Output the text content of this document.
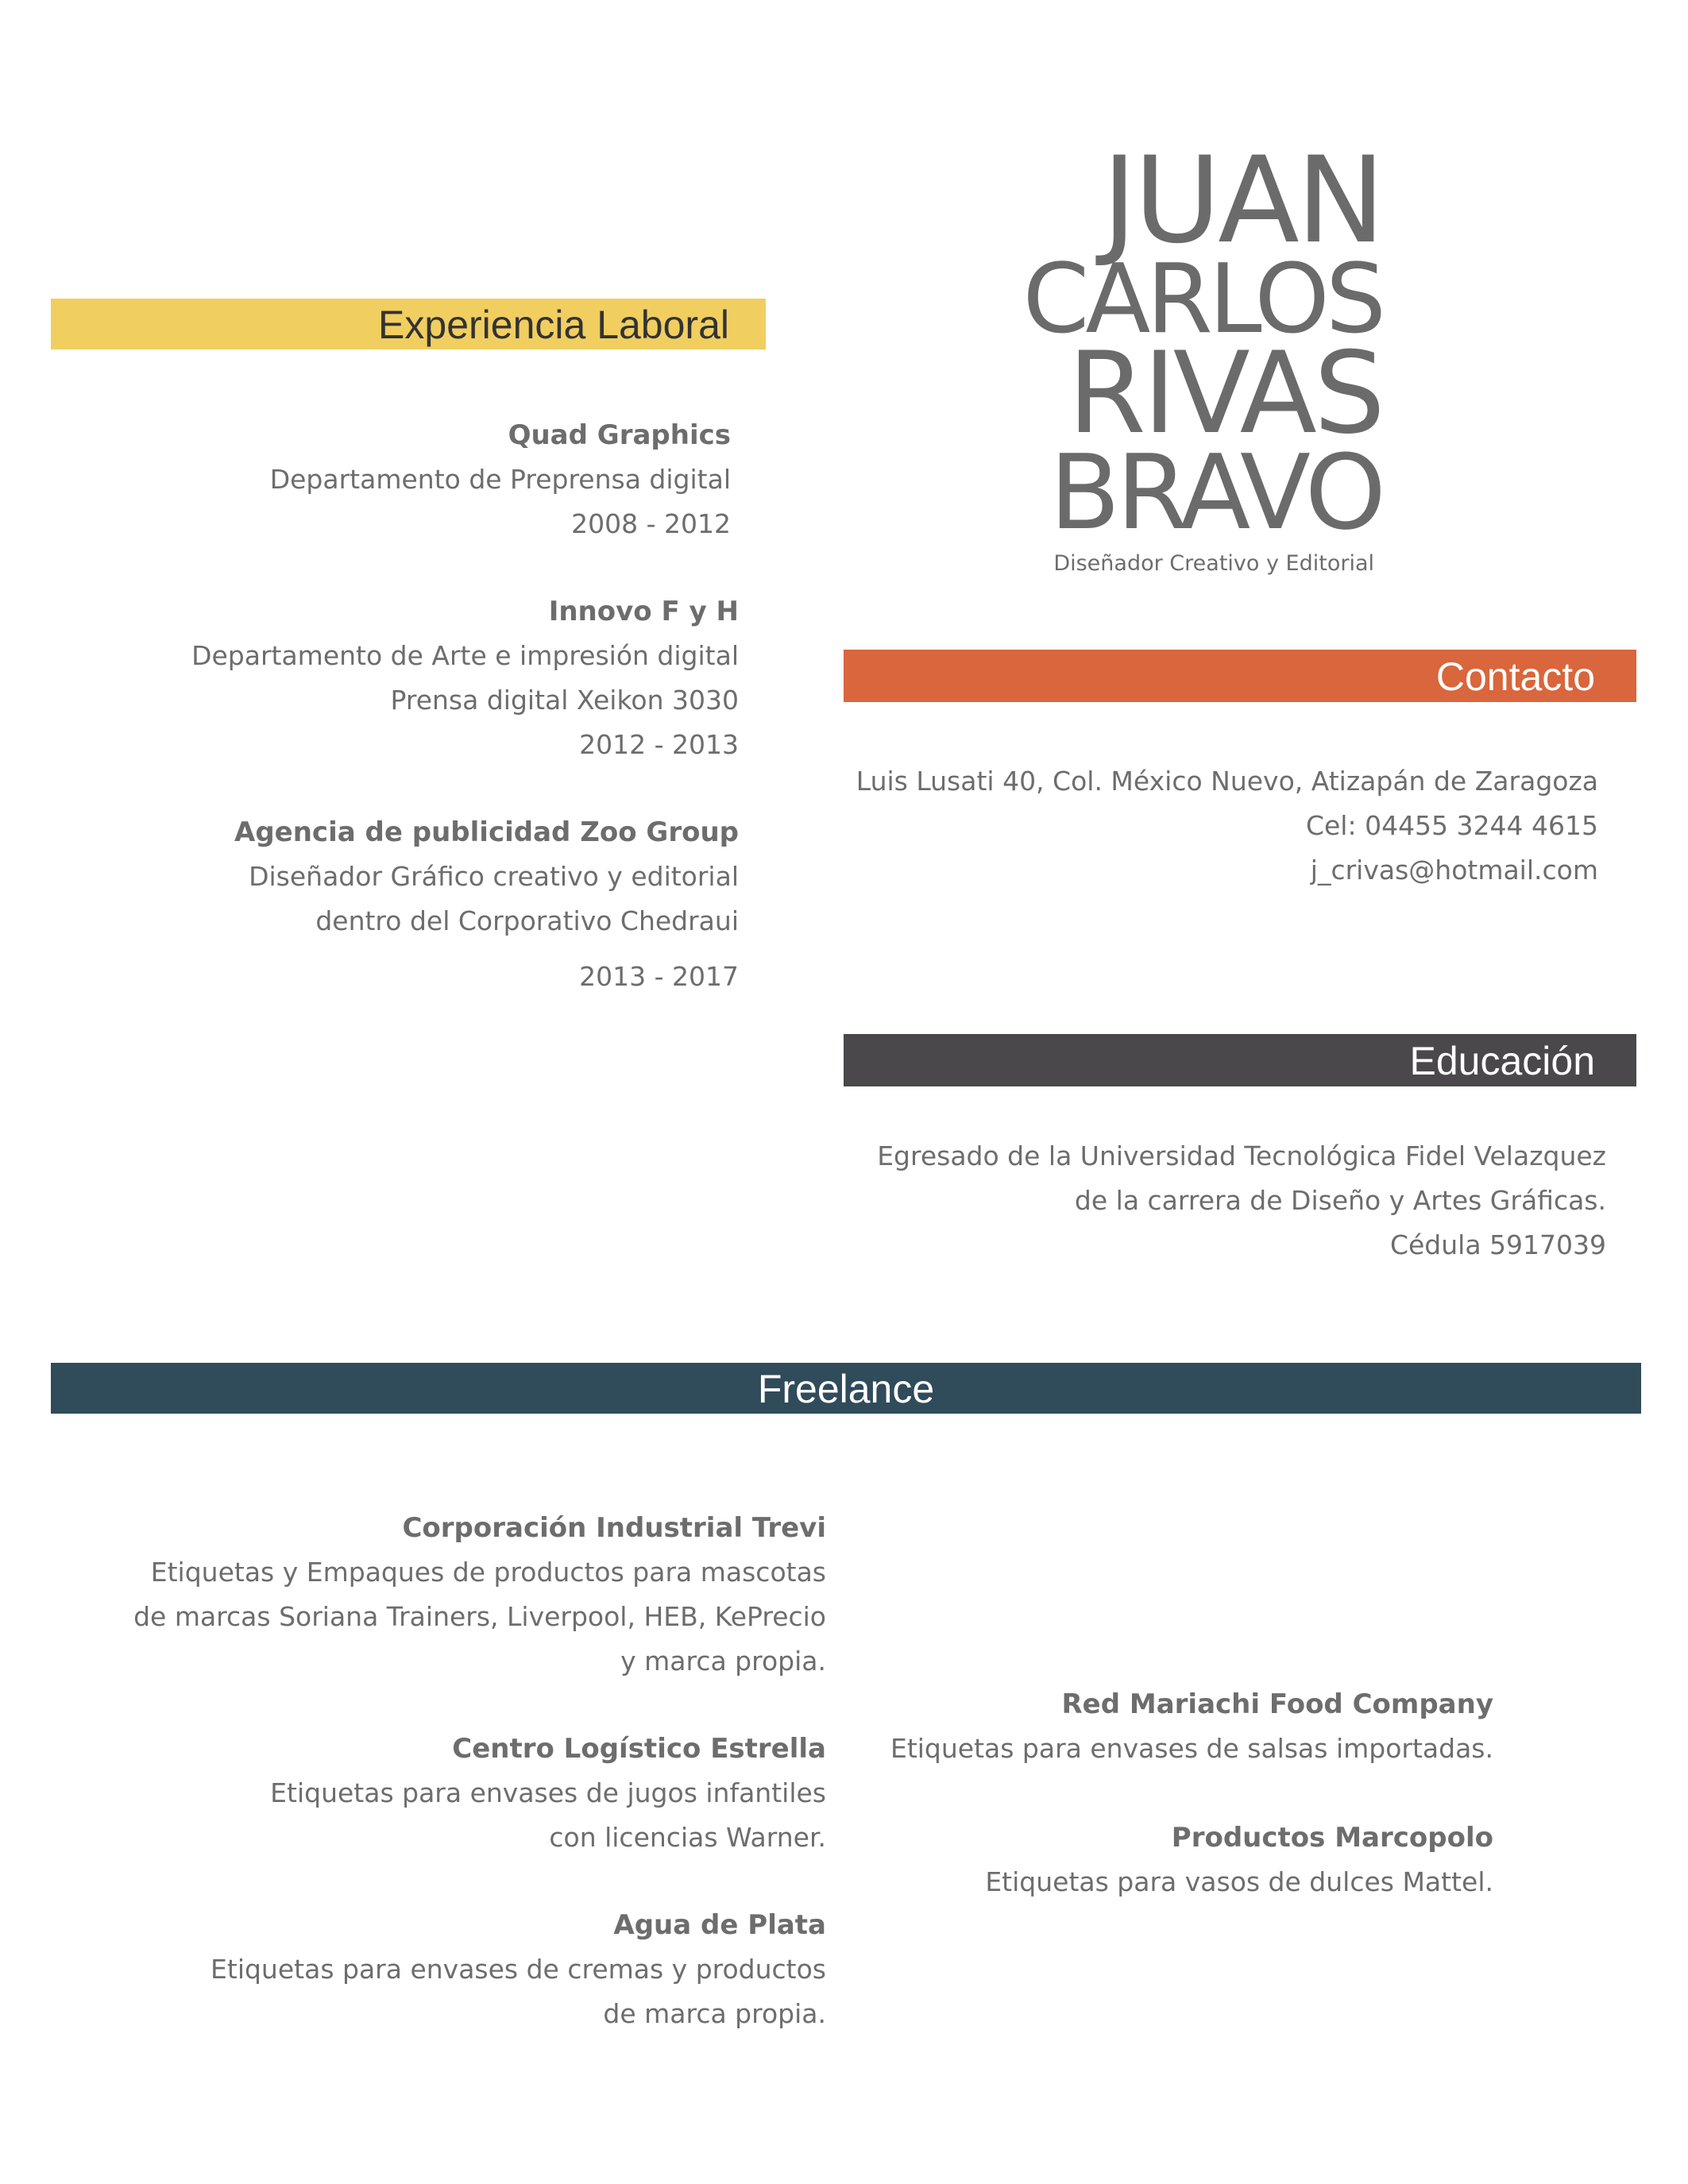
JUAN
CARLOS
RIVAS
BRAVO
Diseñador Creativo y Editorial
Experiencia Laboral
Quad Graphics
Departamento de Preprensa digital
2008 - 2012
Innovo F y H
Departamento de Arte e impresión digital
Prensa digital Xeikon 3030
2012 - 2013
Agencia de publicidad Zoo Group
Diseñador Gráfico creativo y editorial
dentro del Corporativo Chedraui
2013 - 2017
Contacto
Luis Lusati 40, Col. México Nuevo, Atizapán de Zaragoza
Cel: 04455 3244 4615
j_crivas@hotmail.com
Educación
Egresado de la Universidad Tecnológica Fidel Velazquez
de la carrera de Diseño y Artes Gráficas.
Cédula 5917039
Freelance
Corporación Industrial Trevi
Etiquetas y Empaques de productos para mascotas
de marcas Soriana Trainers, Liverpool, HEB, KePrecio
y marca propia.
Centro Logístico Estrella
Etiquetas para envases de jugos infantiles
con licencias Warner.
Agua de Plata
Etiquetas para envases de cremas y productos
de marca propia.
Red Mariachi Food Company
Etiquetas para envases de salsas importadas.
Productos Marcopolo
Etiquetas para vasos de dulces Mattel.
